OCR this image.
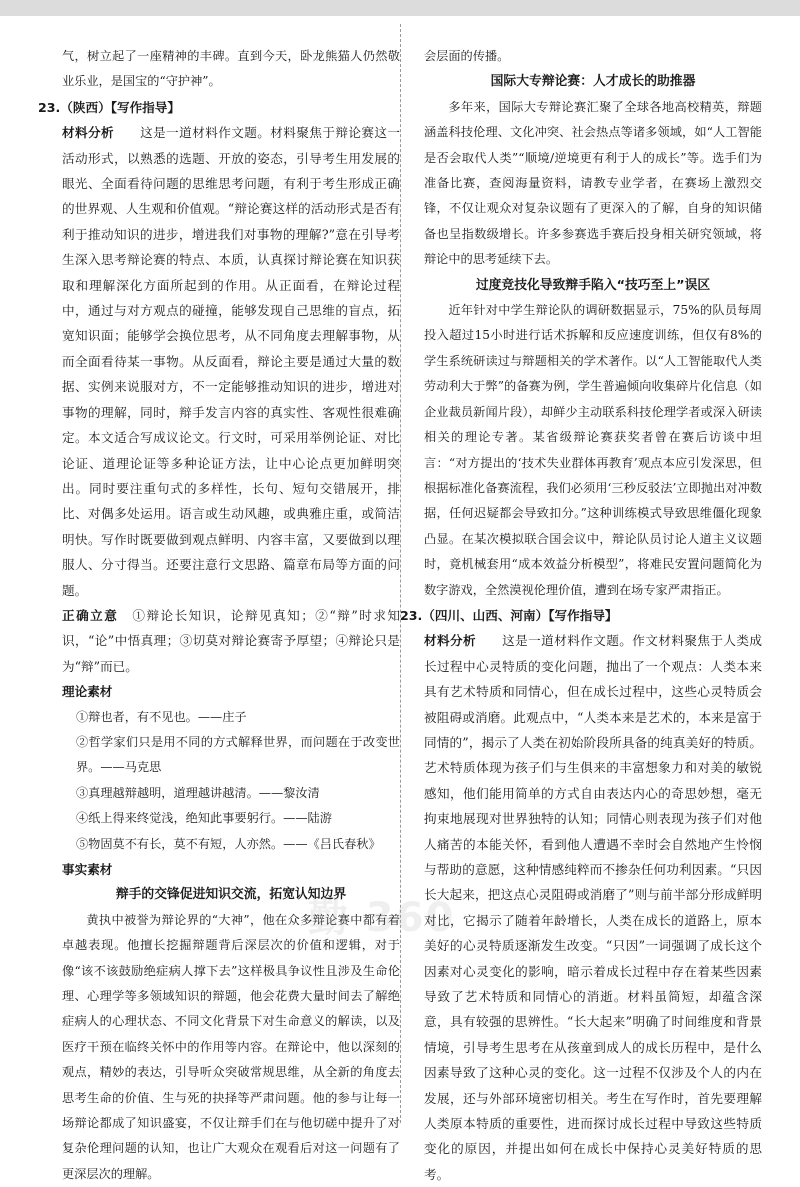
气，树立起了一座精神的丰碑。直到今天，卧龙熊猫人仍然敬业乐业，是国宝的“守护神”。

23.（陕西）【写作指导】

材料分析　　 这是一道材料作文题。材料聚焦于辩论赛这一活动形式，以熟悉的选题、开放的姿态，引导考生用发展的眼光、全面看待问题的思维思考问题，有利于考生形成正确的世界观、人生观和价值观。“辩论赛这样的活动形式是否有利于推动知识的进步，增进我们对事物的理解?”意在引导考生深入思考辩论赛的特点、本质，认真探讨辩论赛在知识获取和理解深化方面所起到的作用。从正面看，在辩论过程中，通过与对方观点的碰撞，能够发现自己思维的盲点，拓宽知识面；能够学会换位思考，从不同角度去理解事物，从而全面看待某一事物。从反面看，辩论主要是通过大量的数据、实例来说服对方，不一定能够推动知识的进步，增进对事物的理解，同时，辩手发言内容的真实性、客观性很难确定。本文适合写成议论文。行文时，可采用举例论证、对比论证、道理论证等多种论证方法，让中心论点更加鲜明突出。同时要注重句式的多样性，长句、短句交错展开，排比、对偶多处运用。语言或生动风趣，或典雅庄重，或简洁明快。写作时既要做到观点鲜明、内容丰富，又要做到以理服人、分寸得当。还要注意行文思路、篇章布局等方面的问题。

正确立意　 ①辩论长知识，论辩见真知；②“辩”时求知识，“论”中悟真理；③切莫对辩论赛寄予厚望；④辩论只是为“辩”而已。

理论素材

①辩也者，有不见也。——庄子

②哲学家们只是用不同的方式解释世界，而问题在于改变世界。——马克思

③真理越辩越明，道理越讲越清。——黎汝清

④纸上得来终觉浅，绝知此事要躬行。——陆游

⑤物固莫不有长，莫不有短，人亦然。——《吕氏春秋》

事实素材

辩手的交锋促进知识交流，拓宽认知边界

黄执中被誉为辩论界的“大神”，他在众多辩论赛中都有着卓越表现。他擅长挖掘辩题背后深层次的价值和逻辑，对于像“该不该鼓励绝症病人撑下去”这样极具争议性且涉及生命伦理、心理学等多领域知识的辩题，他会花费大量时间去了解绝症病人的心理状态、不同文化背景下对生命意义的解读，以及医疗干预在临终关怀中的作用等内容。在辩论中，他以深刻的观点，精妙的表达，引导听众突破常规思维，从全新的角度去思考生命的价值、生与死的抉择等严肃问题。他的参与让每一场辩论都成了知识盛宴，不仅让辩手们在与他切磋中提升了对复杂伦理问题的认知，也让广大观众在观看后对这一问题有了更深层次的理解。

会层面的传播。

国际大专辩论赛：人才成长的助推器

多年来，国际大专辩论赛汇聚了全球各地高校精英，辩题涵盖科技伦理、文化冲突、社会热点等诸多领域，如“人工智能是否会取代人类”“顺境/逆境更有利于人的成长”等。选手们为准备比赛，查阅海量资料，请教专业学者，在赛场上激烈交锋，不仅让观众对复杂议题有了更深入的了解，自身的知识储备也呈指数级增长。许多参赛选手赛后投身相关研究领域，将辩论中的思考延续下去。

过度竞技化导致辩手陷入“技巧至上”误区

近年针对中学生辩论队的调研数据显示，75%的队员每周投入超过15小时进行话术拆解和反应速度训练，但仅有8%的学生系统研读过与辩题相关的学术著作。以“人工智能取代人类劳动利大于弊”的备赛为例，学生普遍倾向收集碎片化信息（如企业裁员新闻片段），却鲜少主动联系科技伦理学者或深入研读相关的理论专著。某省级辩论赛获奖者曾在赛后访谈中坦言：“对方提出的‘技术失业群体再教育’观点本应引发深思，但根据标准化备赛流程，我们必须用‘三秒反驳法’立即抛出对冲数据，任何迟疑都会导致扣分。”这种训练模式导致思维僵化现象凸显。在某次模拟联合国会议中，辩论队员讨论人道主义议题时，竟机械套用“成本效益分析模型”，将难民安置问题简化为数字游戏，全然漠视伦理价值，遭到在场专家严肃指正。

23.（四川、山西、河南）【写作指导】

材料分析　　 这是一道材料作文题。作文材料聚焦于人类成长过程中心灵特质的变化问题，抛出了一个观点：人类本来具有艺术特质和同情心，但在成长过程中，这些心灵特质会被阻碍或消磨。此观点中，“人类本来是艺术的，本来是富于同情的”，揭示了人类在初始阶段所具备的纯真美好的特质。艺术特质体现为孩子们与生俱来的丰富想象力和对美的敏锐感知，他们能用简单的方式自由表达内心的奇思妙想，毫无拘束地展现对世界独特的认知；同情心则表现为孩子们对他人痛苦的本能关怀，看到他人遭遇不幸时会自然地产生怜悯与帮助的意愿，这种情感纯粹而不掺杂任何功利因素。“只因长大起来，把这点心灵阻碍或消磨了”则与前半部分形成鲜明对比，它揭示了随着年龄增长，人类在成长的道路上，原本美好的心灵特质逐渐发生改变。“只因”一词强调了成长这个因素对心灵变化的影响，暗示着成长过程中存在着某些因素导致了艺术特质和同情心的消逝。材料虽简短，却蕴含深意，具有较强的思辨性。“长大起来”明确了时间维度和背景情境，引导考生思考在从孩童到成人的成长历程中，是什么因素导致了这种心灵的变化。这一过程不仅涉及个人的内在发展，还与外部环境密切相关。考生在写作时，首先要理解人类原本特质的重要性，进而探讨成长过程中导致这些特质变化的原因，并提出如何在成长中保持心灵美好特质的思考。

勤 360
